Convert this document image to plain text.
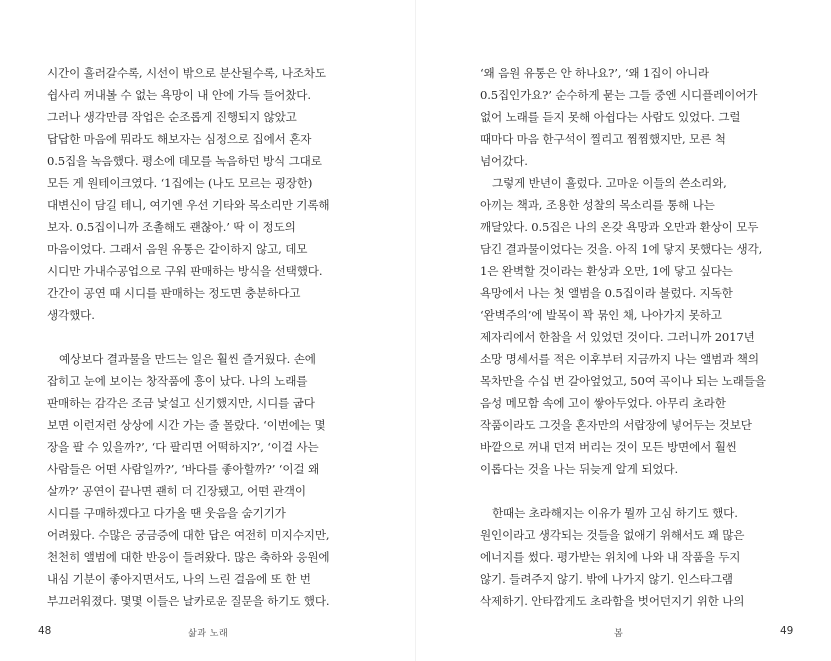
시간이 흘러갈수록, 시선이 밖으로 분산될수록, 나조차도
쉽사리 꺼내볼 수 없는 욕망이 내 안에 가득 들어찼다.
그러나 생각만큼 작업은 순조롭게 진행되지 않았고
답답한 마음에 뭐라도 해보자는 심정으로 집에서 혼자
0.5집을 녹음했다. 평소에 데모를 녹음하던 방식 그대로
모든 게 원테이크였다. ‘1집에는 (나도 모르는 굉장한)
대변신이 담길 테니, 여기엔 우선 기타와 목소리만 기록해
보자. 0.5집이니까 조촐해도 괜찮아.’ 딱 이 정도의
마음이었다. 그래서 음원 유통은 같이하지 않고, 데모
시디만 가내수공업으로 구워 판매하는 방식을 선택했다.
간간이 공연 때 시디를 판매하는 정도면 충분하다고
생각했다.
예상보다 결과물을 만드는 일은 훨씬 즐거웠다. 손에
잡히고 눈에 보이는 창작품에 흥이 났다. 나의 노래를
판매하는 감각은 조금 낯설고 신기했지만, 시디를 굽다
보면 이런저런 상상에 시간 가는 줄 몰랐다. ‘이번에는 몇
장을 팔 수 있을까?’, ‘다 팔리면 어떡하지?’, ‘이걸 사는
사람들은 어떤 사람일까?’, ‘바다를 좋아할까?’ ‘이걸 왜
살까?’ 공연이 끝나면 괜히 더 긴장됐고, 어떤 관객이
시디를 구매하겠다고 다가올 땐 웃음을 숨기기가
어려웠다. 수많은 궁금증에 대한 답은 여전히 미지수지만,
천천히 앨범에 대한 반응이 들려왔다. 많은 축하와 응원에
내심 기분이 좋아지면서도, 나의 느린 걸음에 또 한 번
부끄러워졌다. 몇몇 이들은 날카로운 질문을 하기도 했다.
48	삶과 노래
‘왜 음원 유통은 안 하나요?’, ‘왜 1집이 아니라
0.5집인가요?’ 순수하게 묻는 그들 중엔 시디플레이어가
없어 노래를 듣지 못해 아쉽다는 사람도 있었다. 그럴
때마다 마음 한구석이 찔리고 찜찜했지만, 모른 척
넘어갔다.
그렇게 반년이 흘렀다. 고마운 이들의 쓴소리와,
아끼는 책과, 조용한 성찰의 목소리를 통해 나는
깨달았다. 0.5집은 나의 온갖 욕망과 오만과 환상이 모두
담긴 결과물이었다는 것을. 아직 1에 닿지 못했다는 생각,
1은 완벽할 것이라는 환상과 오만, 1에 닿고 싶다는
욕망에서 나는 첫 앨범을 0.5집이라 불렀다. 지독한
‘완벽주의’에 발목이 꽉 묶인 채, 나아가지 못하고
제자리에서 한참을 서 있었던 것이다. 그러니까 2017년
소망 명세서를 적은 이후부터 지금까지 나는 앨범과 책의
목차만을 수십 번 갈아엎었고, 50여 곡이나 되는 노래들을
음성 메모함 속에 고이 쌓아두었다. 아무리 초라한
작품이라도 그것을 혼자만의 서랍장에 넣어두는 것보단
바깥으로 꺼내 던져 버리는 것이 모든 방면에서 훨씬
이롭다는 것을 나는 뒤늦게 알게 되었다.
한때는 초라해지는 이유가 뭘까 고심 하기도 했다.
원인이라고 생각되는 것들을 없애기 위해서도 꽤 많은
에너지를 썼다. 평가받는 위치에 나와 내 작품을 두지
않기. 들려주지 않기. 밖에 나가지 않기. 인스타그램
삭제하기. 안타깝게도 초라함을 벗어던지기 위한 나의
봄	49
